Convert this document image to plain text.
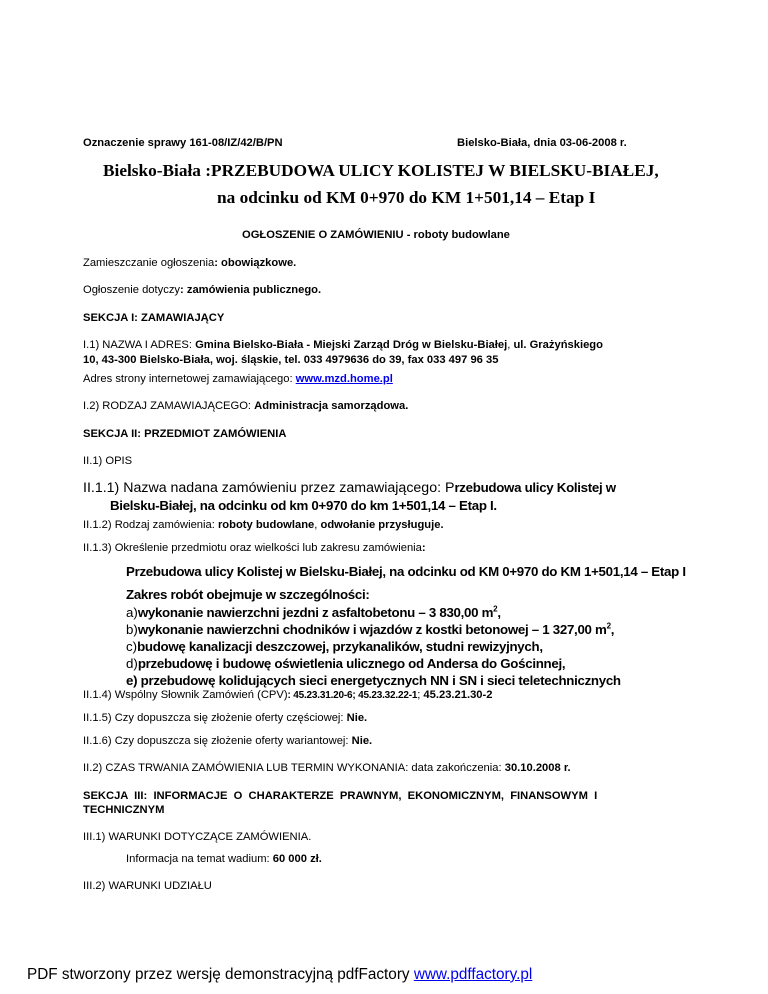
Oznaczenie sprawy 161-08/IZ/42/B/PN	Bielsko-Biała, dnia 03-06-2008 r.
Bielsko-Biała :PRZEBUDOWA ULICY KOLISTEJ W BIELSKU-BIAŁEJ,
na odcinku od KM 0+970 do KM 1+501,14 – Etap I
OGŁOSZENIE O ZAMÓWIENIU - roboty budowlane
Zamieszczanie ogłoszenia: obowiązkowe.
Ogłoszenie dotyczy: zamówienia publicznego.
SEKCJA I: ZAMAWIAJĄCY
I.1) NAZWA I ADRES: Gmina Bielsko-Biała - Miejski Zarząd Dróg w Bielsku-Białej, ul. Grażyńskiego
10, 43-300 Bielsko-Biała, woj. śląskie, tel. 033 4979636 do 39, fax 033 497 96 35
Adres strony internetowej zamawiającego: www.mzd.home.pl
I.2) RODZAJ ZAMAWIAJĄCEGO: Administracja samorządowa.
SEKCJA II: PRZEDMIOT ZAMÓWIENIA
II.1) OPIS
II.1.1) Nazwa nadana zamówieniu przez zamawiającego: Przebudowa ulicy Kolistej w
Bielsku-Białej, na odcinku od km 0+970 do km 1+501,14 – Etap I.
II.1.2) Rodzaj zamówienia: roboty budowlane, odwołanie przysługuje.
II.1.3) Określenie przedmiotu oraz wielkości lub zakresu zamówienia:
Przebudowa ulicy Kolistej w Bielsku-Białej, na odcinku od KM 0+970 do KM 1+501,14 – Etap I
Zakres robót obejmuje w szczególności:
a)wykonanie nawierzchni jezdni z asfaltobetonu – 3 830,00 $m^2$,
b)wykonanie nawierzchni chodników i wjazdów z kostki betonowej – 1 327,00 $m^2$,
c)budowę kanalizacji deszczowej, przykanalików, studni rewizyjnych,
d)przebudowę i budowę oświetlenia ulicznego od Andersa do Gościnnej,
e) przebudowę kolidujących sieci energetycznych NN i SN i sieci teletechnicznych
II.1.4) Wspólny Słownik Zamówień (CPV): 45.23.31.20-6; 45.23.32.22-1; 45.23.21.30-2
II.1.5) Czy dopuszcza się złożenie oferty częściowej: Nie.
II.1.6) Czy dopuszcza się złożenie oferty wariantowej: Nie.
II.2) CZAS TRWANIA ZAMÓWIENIA LUB TERMIN WYKONANIA: data zakończenia: 30.10.2008 r.
SEKCJA  III:  INFORMACJE  O  CHARAKTERZE  PRAWNYM,  EKONOMICZNYM,  FINANSOWYM  I
TECHNICZNYM
III.1) WARUNKI DOTYCZĄCE ZAMÓWIENIA.
Informacja na temat wadium: 60 000 zł.
III.2) WARUNKI UDZIAŁU
PDF stworzony przez wersję demonstracyjną pdfFactory www.pdffactory.pl
